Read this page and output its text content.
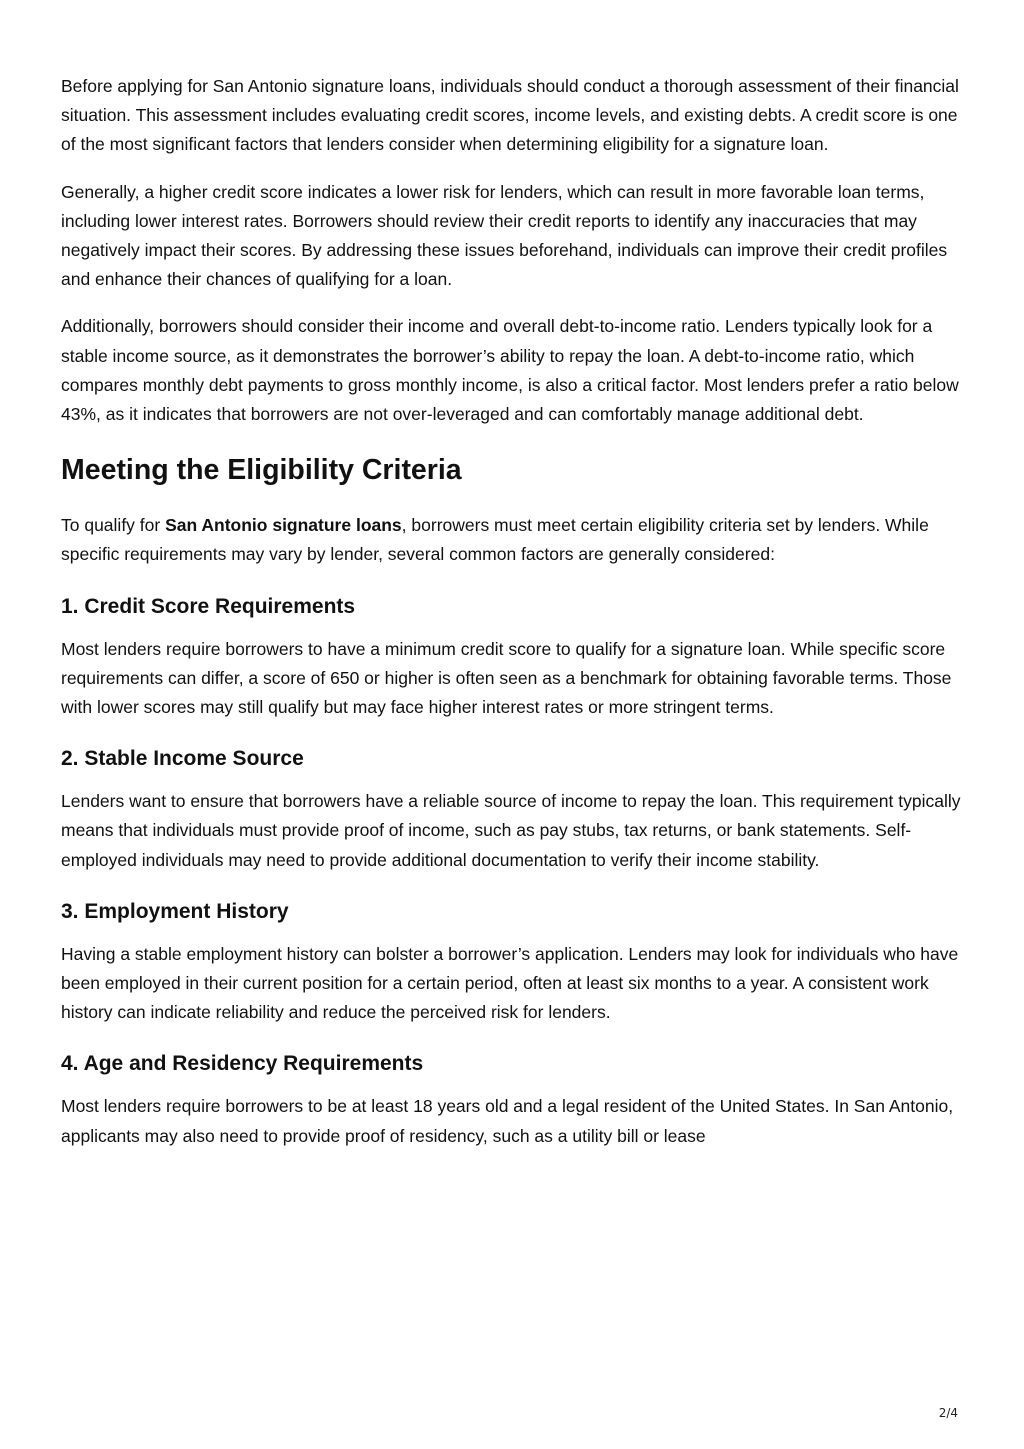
Before applying for San Antonio signature loans, individuals should conduct a thorough assessment of their financial situation. This assessment includes evaluating credit scores, income levels, and existing debts. A credit score is one of the most significant factors that lenders consider when determining eligibility for a signature loan.

Generally, a higher credit score indicates a lower risk for lenders, which can result in more favorable loan terms, including lower interest rates. Borrowers should review their credit reports to identify any inaccuracies that may negatively impact their scores. By addressing these issues beforehand, individuals can improve their credit profiles and enhance their chances of qualifying for a loan.

Additionally, borrowers should consider their income and overall debt-to-income ratio. Lenders typically look for a stable income source, as it demonstrates the borrower’s ability to repay the loan. A debt-to-income ratio, which compares monthly debt payments to gross monthly income, is also a critical factor. Most lenders prefer a ratio below 43%, as it indicates that borrowers are not over-leveraged and can comfortably manage additional debt.

Meeting the Eligibility Criteria

To qualify for San Antonio signature loans, borrowers must meet certain eligibility criteria set by lenders. While specific requirements may vary by lender, several common factors are generally considered:

1. Credit Score Requirements

Most lenders require borrowers to have a minimum credit score to qualify for a signature loan. While specific score requirements can differ, a score of 650 or higher is often seen as a benchmark for obtaining favorable terms. Those with lower scores may still qualify but may face higher interest rates or more stringent terms.

2. Stable Income Source

Lenders want to ensure that borrowers have a reliable source of income to repay the loan. This requirement typically means that individuals must provide proof of income, such as pay stubs, tax returns, or bank statements. Self-employed individuals may need to provide additional documentation to verify their income stability.

3. Employment History

Having a stable employment history can bolster a borrower’s application. Lenders may look for individuals who have been employed in their current position for a certain period, often at least six months to a year. A consistent work history can indicate reliability and reduce the perceived risk for lenders.

4. Age and Residency Requirements

Most lenders require borrowers to be at least 18 years old and a legal resident of the United States. In San Antonio, applicants may also need to provide proof of residency, such as a utility bill or lease

2/4
